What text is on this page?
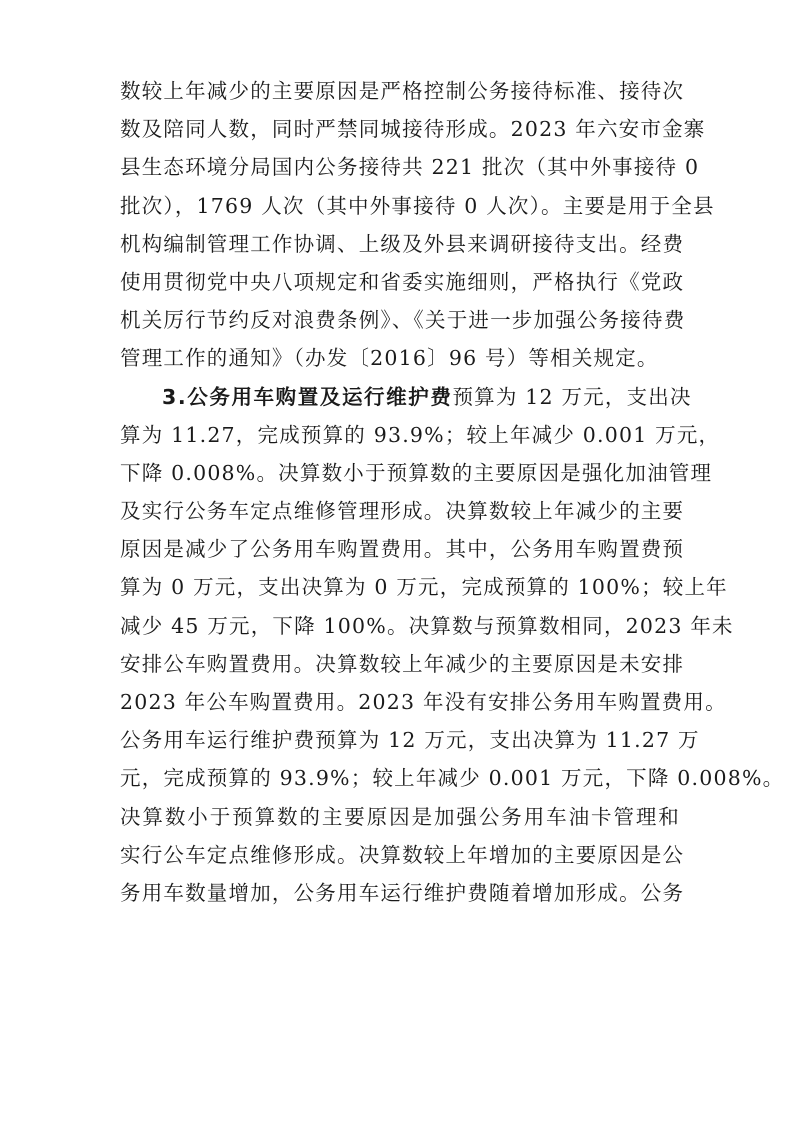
数较上年减少的主要原因是严格控制公务接待标准、接待次
数及陪同人数，同时严禁同城接待形成。2023 年六安市金寨
县生态环境分局国内公务接待共 221 批次（其中外事接待 0
批次），1769 人次（其中外事接待 0 人次）。主要是用于全县
机构编制管理工作协调、上级及外县来调研接待支出。经费
使用贯彻党中央八项规定和省委实施细则，严格执行《党政
机关厉行节约反对浪费条例》、《关于进一步加强公务接待费
管理工作的通知》（办发〔2016〕96 号）等相关规定。
3.公务用车购置及运行维护费预算为 12 万元，支出决
算为 11.27，完成预算的 93.9%；较上年减少 0.001 万元，
下降 0.008%。决算数小于预算数的主要原因是强化加油管理
及实行公务车定点维修管理形成。决算数较上年减少的主要
原因是减少了公务用车购置费用。其中，公务用车购置费预
算为 0 万元，支出决算为 0 万元，完成预算的 100%；较上年
减少 45 万元，下降 100%。决算数与预算数相同，2023 年未
安排公车购置费用。决算数较上年减少的主要原因是未安排
2023 年公车购置费用。2023 年没有安排公务用车购置费用。
公务用车运行维护费预算为 12 万元，支出决算为 11.27 万
元，完成预算的 93.9%；较上年减少 0.001 万元，下降 0.008%。
决算数小于预算数的主要原因是加强公务用车油卡管理和
实行公车定点维修形成。决算数较上年增加的主要原因是公
务用车数量增加，公务用车运行维护费随着增加形成。公务
